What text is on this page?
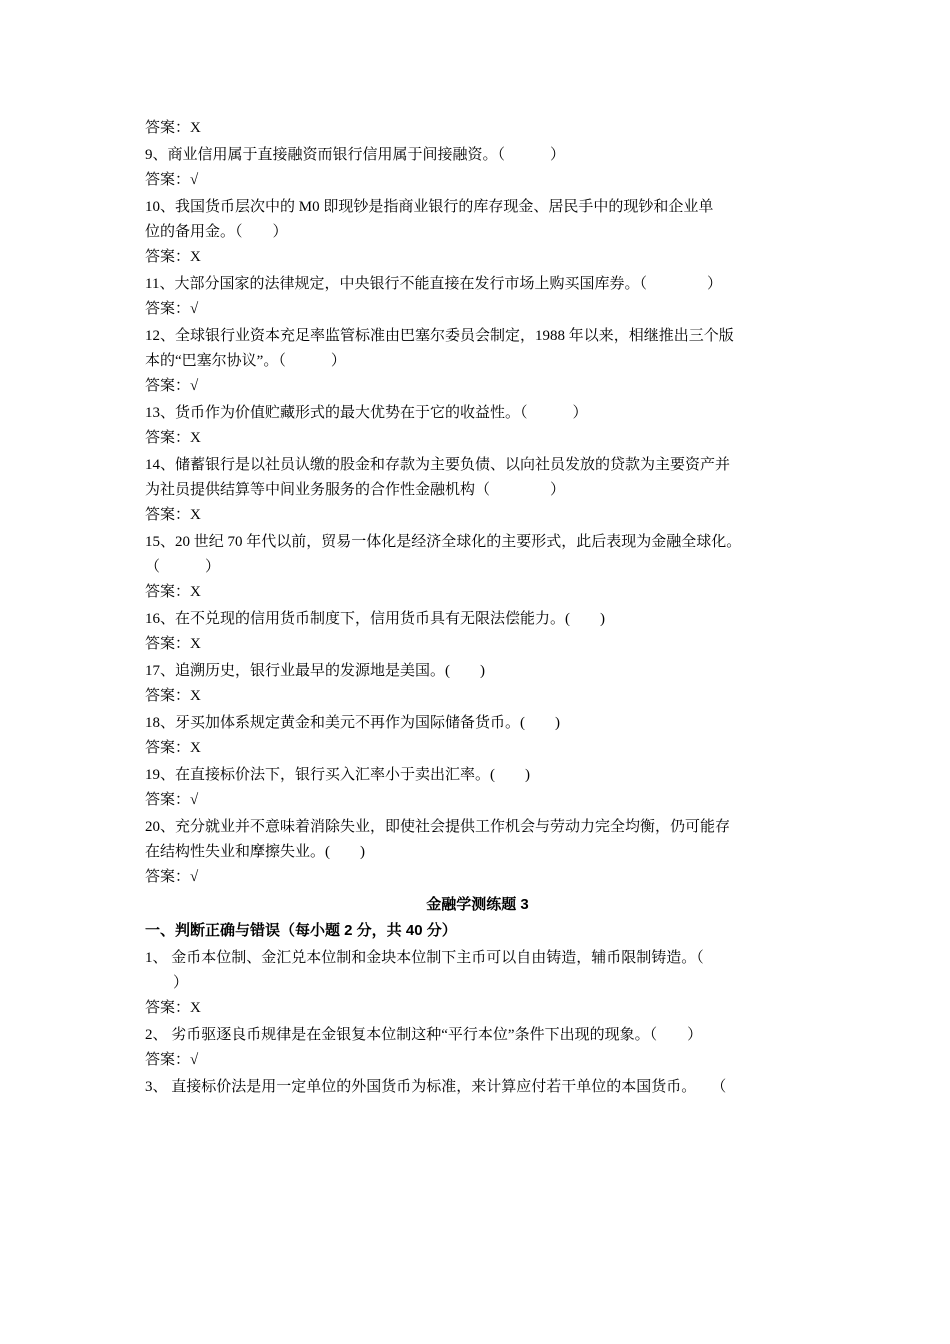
答案：X
9、商业信用属于直接融资而银行信用属于间接融资。（　　　）
答案：√
10、我国货币层次中的 M0 即现钞是指商业银行的库存现金、居民手中的现钞和企业单
位的备用金。（　　）
答案：X
11、大部分国家的法律规定，中央银行不能直接在发行市场上购买国库券。（　　　　）
答案：√
12、全球银行业资本充足率监管标准由巴塞尔委员会制定，1988 年以来，相继推出三个版
本的“巴塞尔协议”。（　　　）
答案：√
13、货币作为价值贮藏形式的最大优势在于它的收益性。（　　　）
答案：X
14、储蓄银行是以社员认缴的股金和存款为主要负债、以向社员发放的贷款为主要资产并
为社员提供结算等中间业务服务的合作性金融机构（　　　　）
答案：X
15、20 世纪 70 年代以前，贸易一体化是经济全球化的主要形式，此后表现为金融全球化。
（　　　）
答案：X
16、在不兑现的信用货币制度下，信用货币具有无限法偿能力。(　　)
答案：X
17、追溯历史，银行业最早的发源地是美国。(　　)
答案：X
18、牙买加体系规定黄金和美元不再作为国际储备货币。(　　)
答案：X
19、在直接标价法下，银行买入汇率小于卖出汇率。(　　)
答案：√
20、充分就业并不意味着消除失业，即使社会提供工作机会与劳动力完全均衡，仍可能存
在结构性失业和摩擦失业。(　　)
答案：√
金融学测练题 3
一、判断正确与错误（每小题 2 分，共 40 分）
1、 金币本位制、金汇兑本位制和金块本位制下主币可以自由铸造，辅币限制铸造。（
）
答案：X
2、 劣币驱逐良币规律是在金银复本位制这种“平行本位”条件下出现的现象。（　　）
答案：√
3、 直接标价法是用一定单位的外国货币为标准，来计算应付若干单位的本国货币。　　（
